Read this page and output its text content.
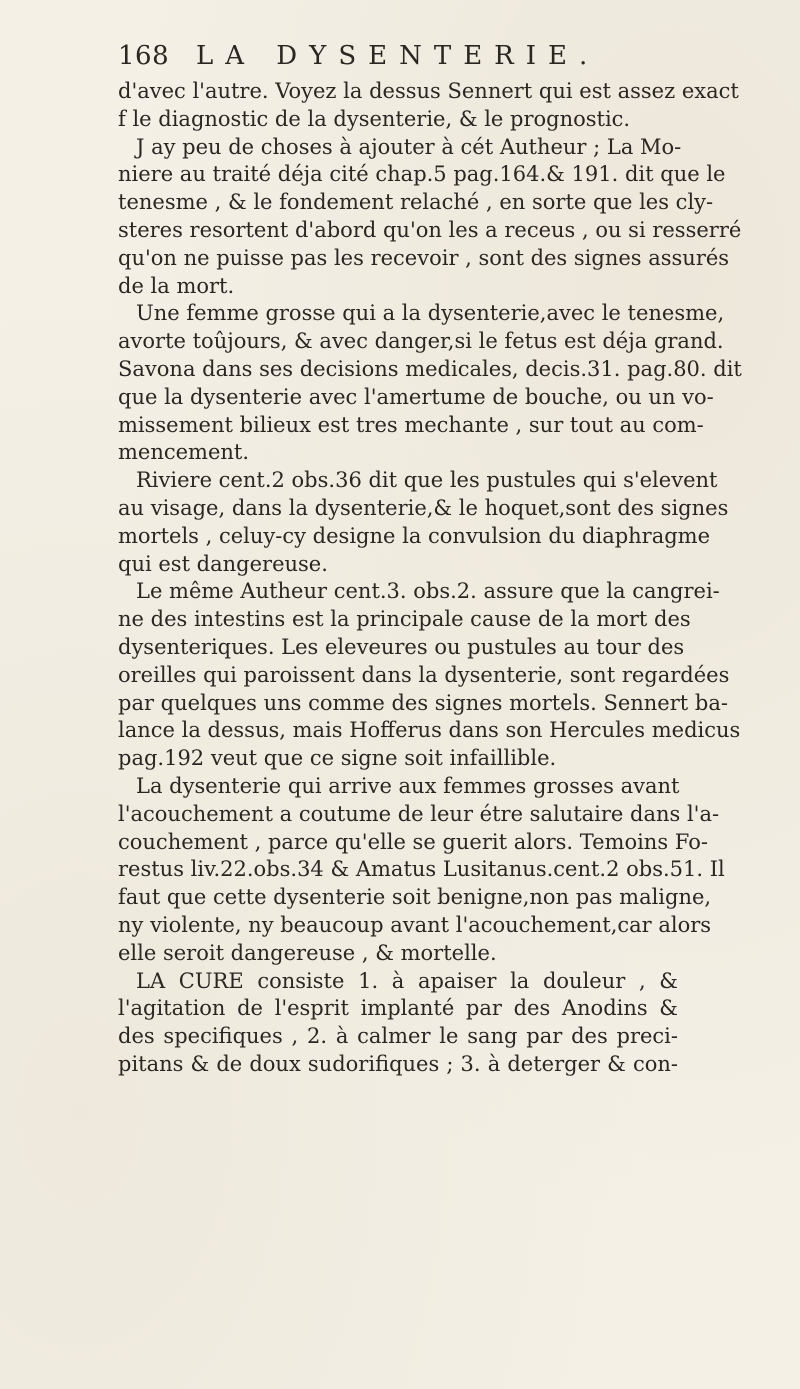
168 LA DYSENTERIE.
d'avec l'autre. Voyez la dessus Sennert qui est assez exact
f le diagnostic de la dysenterie, & le prognostic.
J ay peu de choses à ajouter à cét Autheur ; La Mo-
niere au traité déja cité chap.5 pag.164.& 191. dit que le
tenesme , & le fondement relaché , en sorte que les cly-
steres resortent d'abord qu'on les a receus , ou si resserré
qu'on ne puisse pas les recevoir , sont des signes assurés
de la mort.
Une femme grosse qui a la dysenterie,avec le tenesme,
avorte toûjours, & avec danger,si le fetus est déja grand.
Savona dans ses decisions medicales, decis.31. pag.80. dit
que la dysenterie avec l'amertume de bouche, ou un vo-
missement bilieux est tres mechante , sur tout au com-
mencement.
Riviere cent.2 obs.36 dit que les pustules qui s'elevent
au visage, dans la dysenterie,& le hoquet,sont des signes
mortels , celuy-cy designe la convulsion du diaphragme
qui est dangereuse.
Le même Autheur cent.3. obs.2. assure que la cangrei-
ne des intestins est la principale cause de la mort des
dysenteriques. Les eleveures ou pustules au tour des
oreilles qui paroissent dans la dysenterie, sont regardées
par quelques uns comme des signes mortels. Sennert ba-
lance la dessus, mais Hofferus dans son Hercules medicus
pag.192 veut que ce signe soit infaillible.
La dysenterie qui arrive aux femmes grosses avant
l'acouchement a coutume de leur étre salutaire dans l'a-
couchement , parce qu'elle se guerit alors. Temoins Fo-
restus liv.22.obs.34 & Amatus Lusitanus.cent.2 obs.51. Il
faut que cette dysenterie soit benigne,non pas maligne,
ny violente, ny beaucoup avant l'acouchement,car alors
elle seroit dangereuse , & mortelle.
LA CURE consiste 1. à apaiser la douleur , &
l'agitation de l'esprit implanté par des Anodins &
des specifiques , 2. à calmer le sang par des preci-
pitans & de doux sudorifiques ; 3. à deterger & con-
